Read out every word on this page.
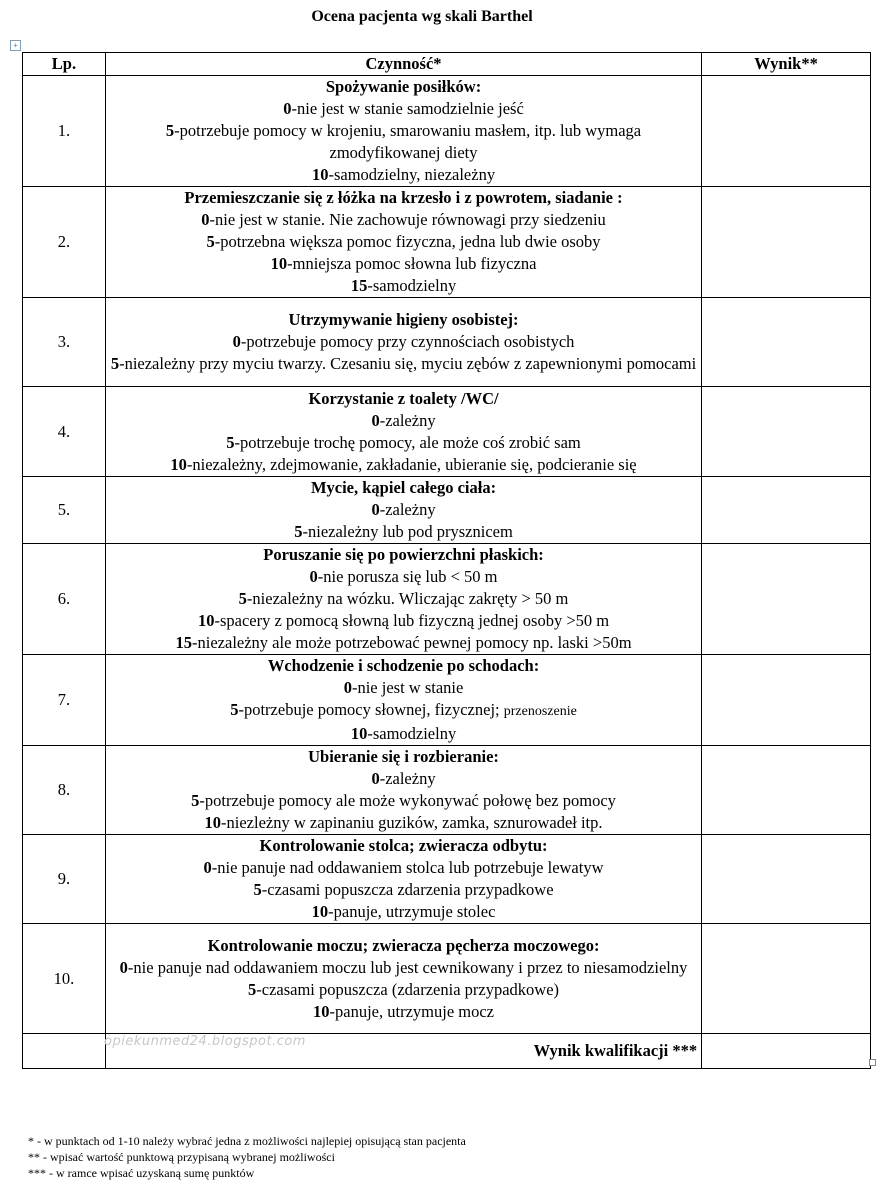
Ocena pacjenta wg skali Barthel
+
Lp.	Czynność*	Wynik**
1.	Spożywanie posiłków:
0-nie jest w stanie samodzielnie jeść
5-potrzebuje pomocy w krojeniu, smarowaniu masłem, itp. lub wymaga zmodyfikowanej diety
10-samodzielny, niezależny	

2.	Przemieszczanie się z łóżka na krzesło i z powrotem, siadanie :
0-nie jest w stanie. Nie zachowuje równowagi przy siedzeniu
5-potrzebna większa pomoc fizyczna, jedna lub dwie osoby
10-mniejsza pomoc słowna lub fizyczna
15-samodzielny	

3.	Utrzymywanie higieny osobistej:
0-potrzebuje pomocy przy czynnościach osobistych
5-niezależny przy myciu twarzy. Czesaniu się, myciu zębów z zapewnionymi pomocami	

4.	Korzystanie z toalety /WC/
0-zależny
5-potrzebuje trochę pomocy, ale może coś zrobić sam
10-niezależny, zdejmowanie, zakładanie, ubieranie się, podcieranie się	

5.	Mycie, kąpiel całego ciała:
0-zależny
5-niezależny lub pod prysznicem	

6.	Poruszanie się po powierzchni płaskich:
0-nie porusza się lub < 50 m
5-niezależny na wózku. Wliczając zakręty > 50 m
10-spacery z pomocą słowną lub fizyczną jednej osoby >50 m
15-niezależny ale może potrzebować pewnej pomocy np. laski >50m	

7.	Wchodzenie i schodzenie po schodach:
0-nie jest w stanie
5-potrzebuje pomocy słownej, fizycznej; przenoszenie
10-samodzielny	

8.	Ubieranie się i rozbieranie:
0-zależny
5-potrzebuje pomocy ale może wykonywać połowę bez pomocy
10-niezleżny w zapinaniu guzików, zamka, sznurowadeł itp.	

9.	Kontrolowanie stolca; zwieracza odbytu:
0-nie panuje nad oddawaniem stolca lub potrzebuje lewatyw
5-czasami popuszcza zdarzenia przypadkowe
10-panuje, utrzymuje stolec	

10.	Kontrolowanie moczu; zwieracza pęcherza moczowego:
0-nie panuje nad oddawaniem moczu lub jest cewnikowany i przez to niesamodzielny
5-czasami popuszcza (zdarzenia przypadkowe)
10-panuje, utrzymuje mocz	

	Wynik kwalifikacji ***	
opiekunmed24.blogspot.com
* - w punktach od 1-10 należy wybrać jedna z możliwości najlepiej opisującą stan pacjenta
** - wpisać wartość punktową przypisaną wybranej możliwości
*** - w ramce wpisać uzyskaną sumę punktów
